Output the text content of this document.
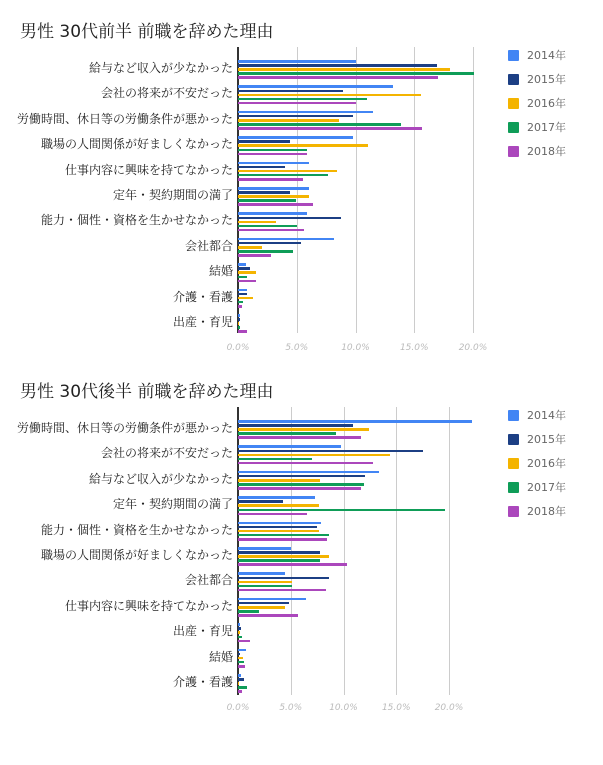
男性 30代前半 前職を辞めた理由
給与など収入が少なかった
会社の将来が不安だった
労働時間、休日等の労働条件が悪かった
職場の人間関係が好ましくなかった
仕事内容に興味を持てなかった
定年・契約期間の満了
能力・個性・資格を生かせなかった
会社都合
結婚
介護・看護
出産・育児
0.0%	5.0%	10.0%	15.0%	20.0%
2014年
2015年
2016年
2017年
2018年
男性 30代後半 前職を辞めた理由
労働時間、休日等の労働条件が悪かった
会社の将来が不安だった
給与など収入が少なかった
定年・契約期間の満了
能力・個性・資格を生かせなかった
職場の人間関係が好ましくなかった
会社都合
仕事内容に興味を持てなかった
出産・育児
結婚
介護・看護
0.0%	5.0%	10.0%	15.0%	20.0%
2014年
2015年
2016年
2017年
2018年
